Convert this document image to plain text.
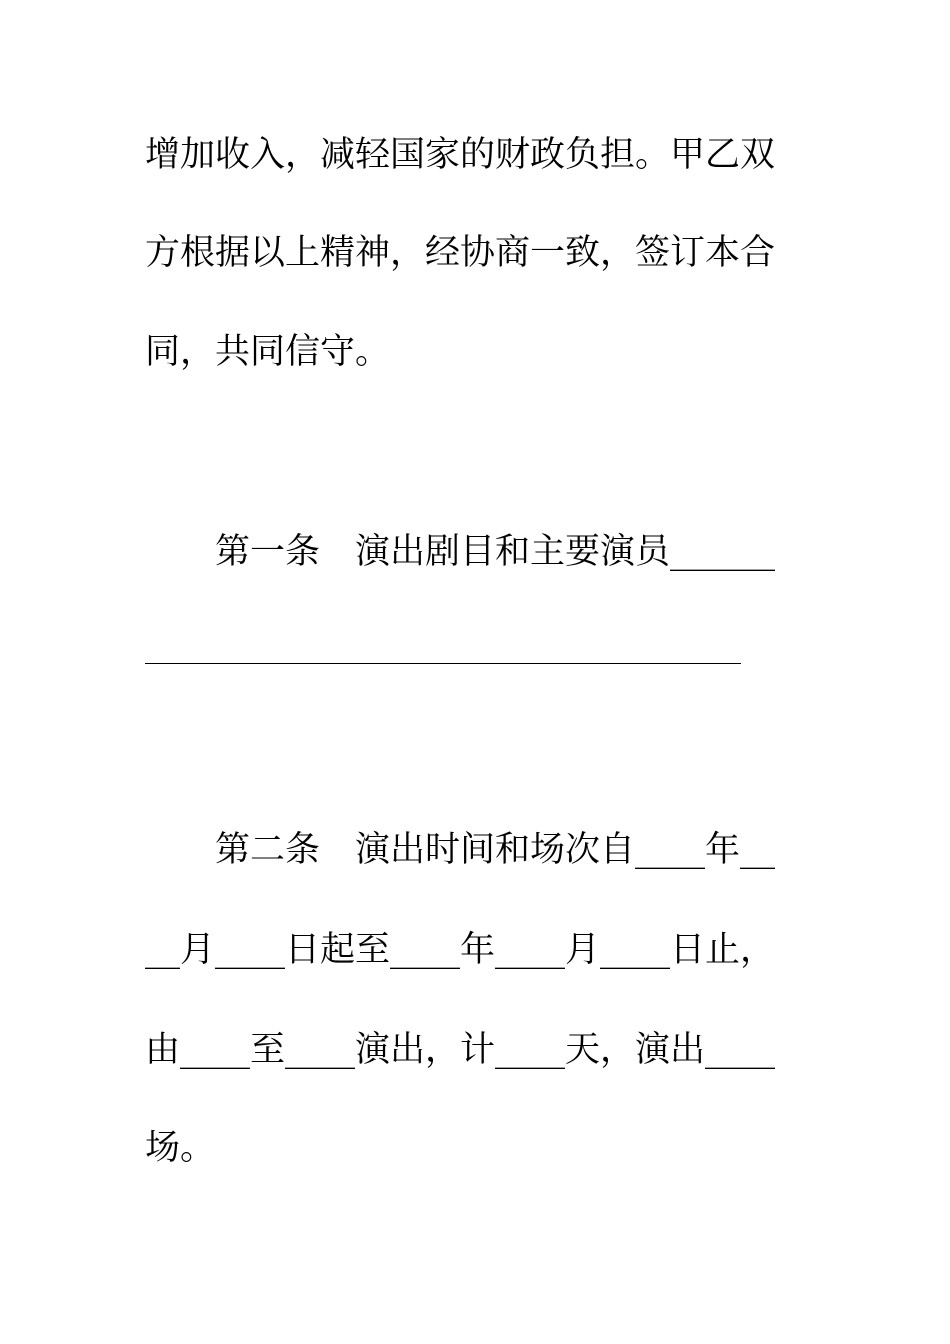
增加收入，减轻国家的财政负担。甲乙双
方根据以上精神，经协商一致，签订本合
同，共同信守。
第一条　演出剧目和主要演员______
第二条　演出时间和场次自____年__
__月____日起至____年____月____日止，
由____至____演出，计____天，演出____
场。
